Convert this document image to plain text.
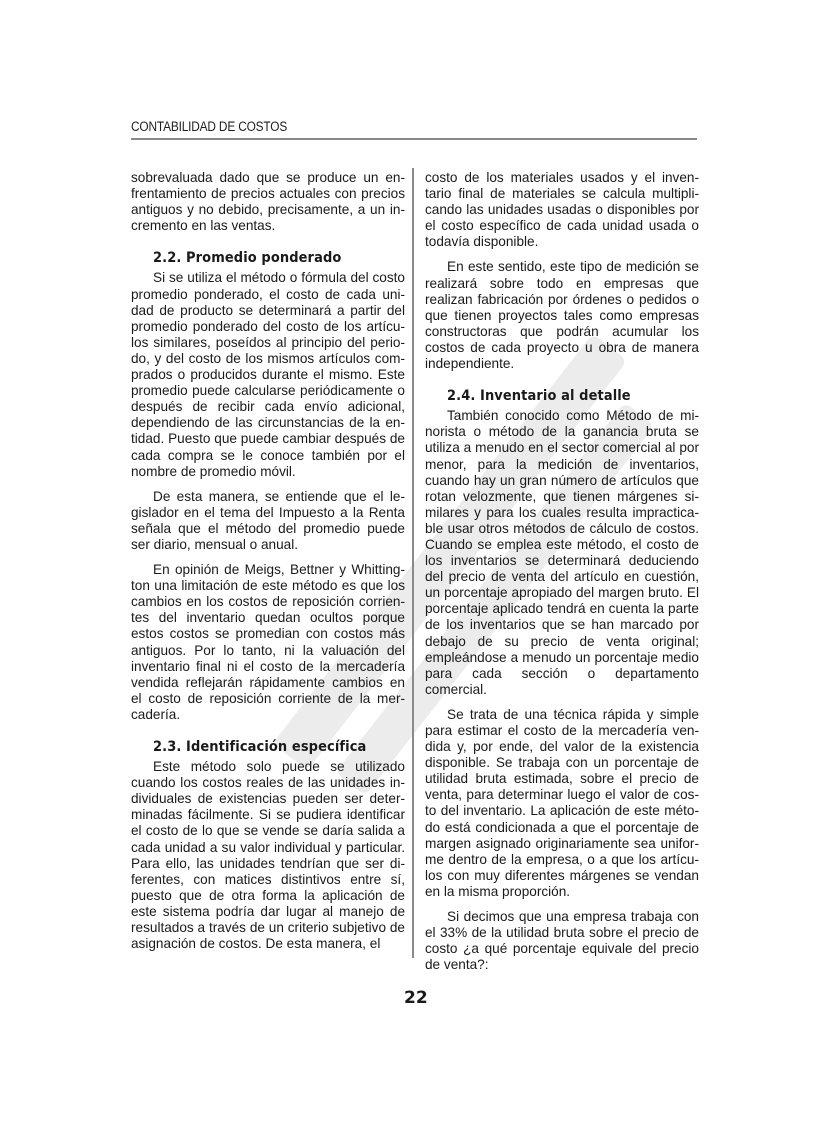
CONTABILIDAD DE COSTOS

sobrevaluada dado que se produce un enfrentamiento de precios actuales con precios antiguos y no debido, precisamente, a un incremento en las ventas.

2.2. Promedio ponderado

Si se utiliza el método o fórmula del costo promedio ponderado, el costo de cada unidad de producto se determinará a partir del promedio ponderado del costo de los artículos similares, poseídos al principio del periodo, y del costo de los mismos artículos comprados o producidos durante el mismo. Este promedio puede calcularse periódicamente o después de recibir cada envío adicional, dependiendo de las circunstancias de la entidad. Puesto que puede cambiar después de cada compra se le conoce también por el nombre de promedio móvil.

De esta manera, se entiende que el legislador en el tema del Impuesto a la Renta señala que el método del promedio puede ser diario, mensual o anual.

En opinión de Meigs, Bettner y Whittington una limitación de este método es que los cambios en los costos de reposición corrientes del inventario quedan ocultos porque estos costos se promedian con costos más antiguos. Por lo tanto, ni la valuación del inventario final ni el costo de la mercadería vendida reflejarán rápidamente cambios en el costo de reposición corriente de la mercadería.

2.3. Identificación específica

Este método solo puede se utilizado cuando los costos reales de las unidades individuales de existencias pueden ser determinadas fácilmente. Si se pudiera identificar el costo de lo que se vende se daría salida a cada unidad a su valor individual y particular. Para ello, las unidades tendrían que ser diferentes, con matices distintivos entre sí, puesto que de otra forma la aplicación de este sistema podría dar lugar al manejo de resultados a través de un criterio subjetivo de asignación de costos. De esta manera, el

costo de los materiales usados y el inventario final de materiales se calcula multiplicando las unidades usadas o disponibles por el costo específico de cada unidad usada o todavía disponible.

En este sentido, este tipo de medición se realizará sobre todo en empresas que realizan fabricación por órdenes o pedidos o que tienen proyectos tales como empresas constructoras que podrán acumular los costos de cada proyecto u obra de manera independiente.

2.4. Inventario al detalle

También conocido como Método de minorista o método de la ganancia bruta se utiliza a menudo en el sector comercial al por menor, para la medición de inventarios, cuando hay un gran número de artículos que rotan velozmente, que tienen márgenes similares y para los cuales resulta impracticable usar otros métodos de cálculo de costos. Cuando se emplea este método, el costo de los inventarios se determinará deduciendo del precio de venta del artículo en cuestión, un porcentaje apropiado del margen bruto. El porcentaje aplicado tendrá en cuenta la parte de los inventarios que se han marcado por debajo de su precio de venta original; empleándose a menudo un porcentaje medio para cada sección o departamento comercial.

Se trata de una técnica rápida y simple para estimar el costo de la mercadería vendida y, por ende, del valor de la existencia disponible. Se trabaja con un porcentaje de utilidad bruta estimada, sobre el precio de venta, para determinar luego el valor de costo del inventario. La aplicación de este método está condicionada a que el porcentaje de margen asignado originariamente sea uniforme dentro de la empresa, o a que los artículos con muy diferentes márgenes se vendan en la misma proporción.

Si decimos que una empresa trabaja con el 33% de la utilidad bruta sobre el precio de costo ¿a qué porcentaje equivale del precio de venta?:

22
